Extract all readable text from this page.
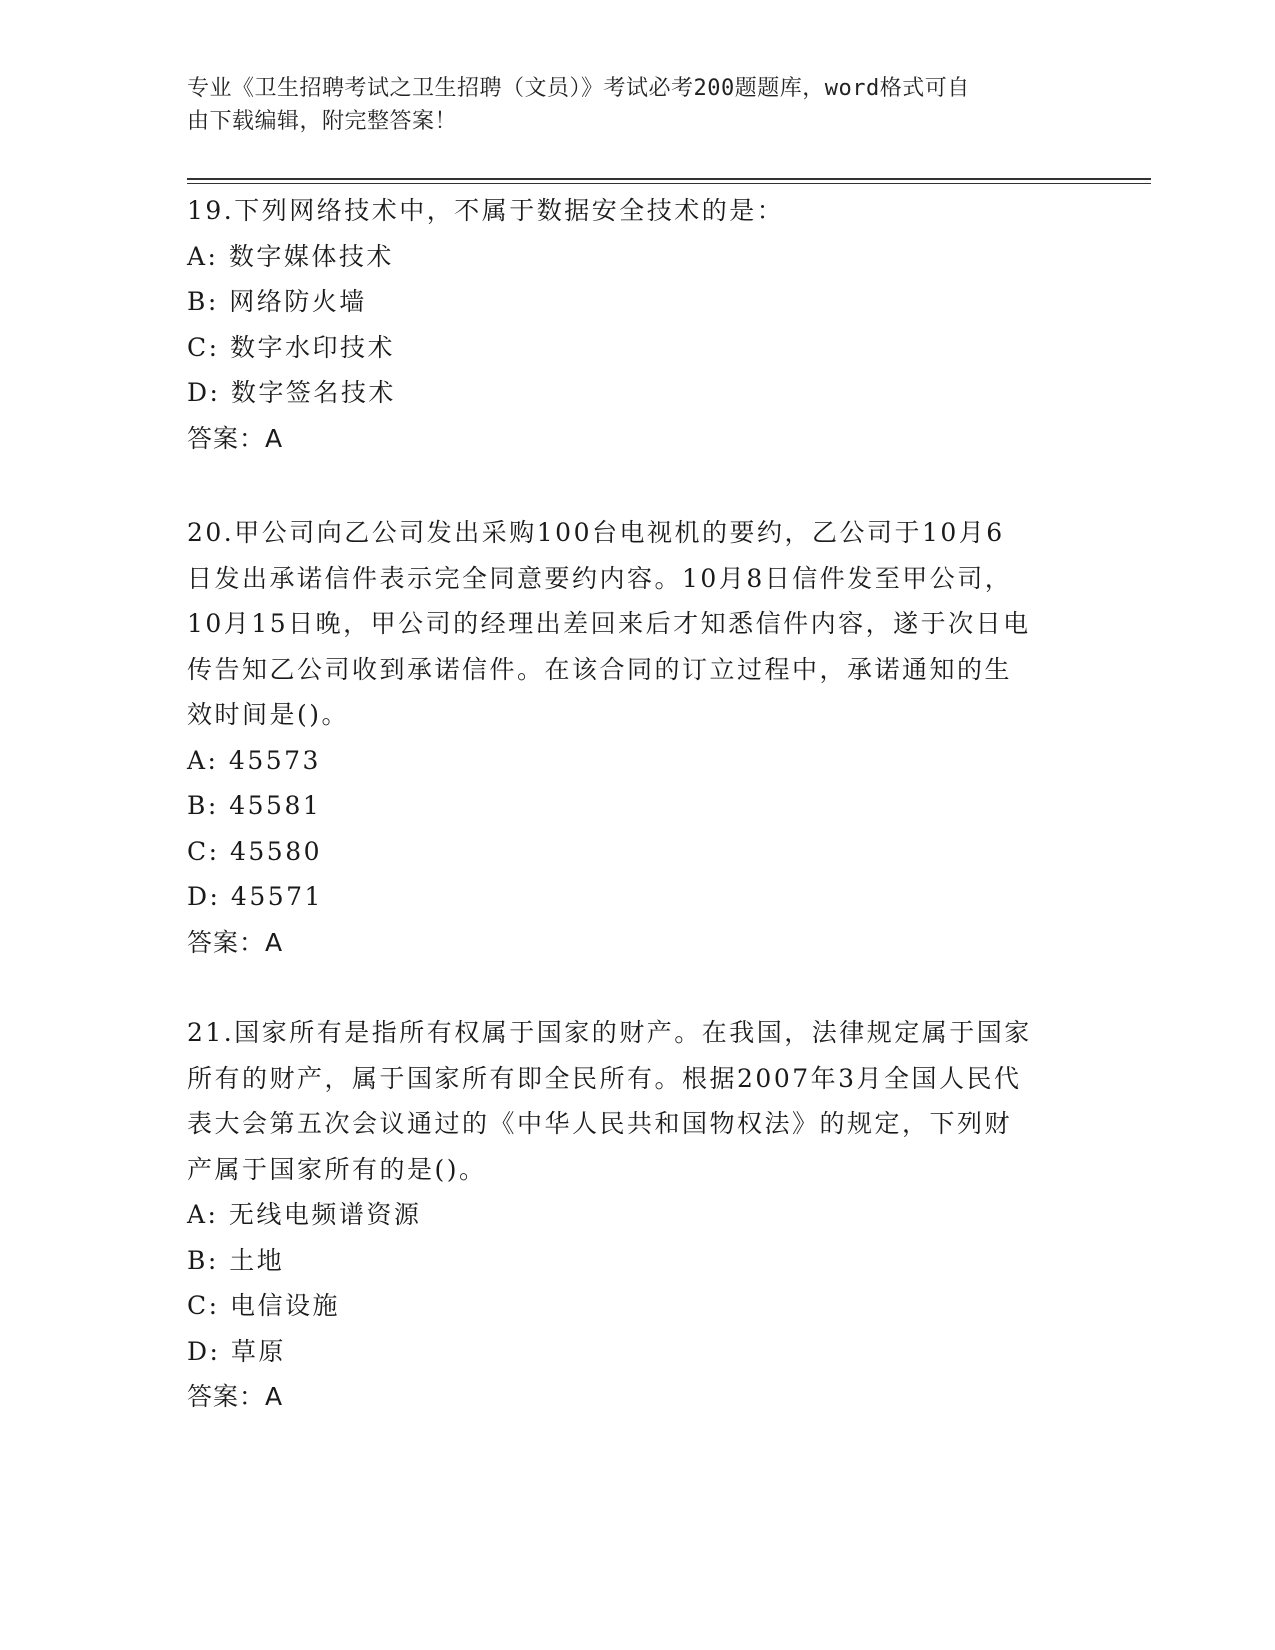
专业《卫生招聘考试之卫生招聘（文员）》考试必考200题题库，word格式可自
由下载编辑，附完整答案！

19.下列网络技术中，不属于数据安全技术的是：

A: 数字媒体技术

B: 网络防火墙

C: 数字水印技术

D: 数字签名技术

答案：A

20.甲公司向乙公司发出采购100台电视机的要约，乙公司于10月6

日发出承诺信件表示完全同意要约内容。10月8日信件发至甲公司，

10月15日晚，甲公司的经理出差回来后才知悉信件内容，遂于次日电

传告知乙公司收到承诺信件。在该合同的订立过程中，承诺通知的生

效时间是()。

A: 45573

B: 45581

C: 45580

D: 45571

答案：A

21.国家所有是指所有权属于国家的财产。在我国，法律规定属于国家

所有的财产，属于国家所有即全民所有。根据2007年3月全国人民代

表大会第五次会议通过的《中华人民共和国物权法》的规定，下列财

产属于国家所有的是()。

A: 无线电频谱资源

B: 土地

C: 电信设施

D: 草原

答案：A
